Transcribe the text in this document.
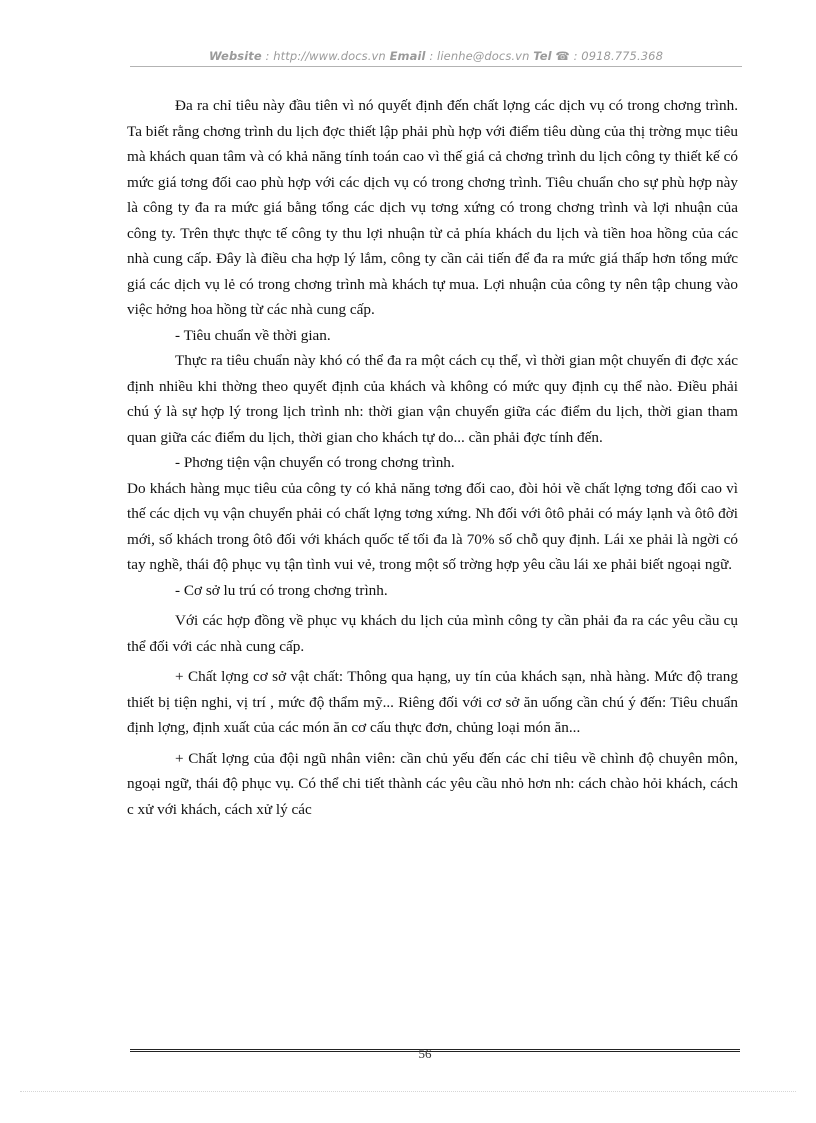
Website : http://www.docs.vn Email : lienhe@docs.vn Tel ☎ : 0918.775.368

Đa ra chỉ tiêu này đầu tiên vì nó quyết định đến chất lợng các dịch vụ có trong chơng trình. Ta biết rằng chơng trình du lịch đợc thiết lập phải phù hợp với điểm tiêu dùng của thị trờng mục tiêu mà khách quan tâm và có khả năng tính toán cao vì thế giá cả chơng trình du lịch công ty thiết kế có mức giá tơng đối cao phù hợp với các dịch vụ có trong chơng trình. Tiêu chuẩn cho sự phù hợp này là công ty đa ra mức giá bằng tổng các dịch vụ tơng xứng có trong chơng trình và lợi nhuận của công ty. Trên thực thực tế công ty thu lợi nhuận từ cả phía khách du lịch và tiền hoa hồng của các nhà cung cấp. Đây là điều cha hợp lý lắm, công ty cần cải tiến để đa ra mức giá thấp hơn tổng mức giá các dịch vụ lẻ có trong chơng trình mà khách tự mua. Lợi nhuận của công ty nên tập chung vào việc hởng hoa hồng từ các nhà cung cấp.

- Tiêu chuẩn về thời gian.

Thực ra tiêu chuẩn này khó có thể đa ra một cách cụ thể, vì thời gian một chuyến đi đợc xác định nhiều khi thờng theo quyết định của khách và không có mức quy định cụ thể nào. Điều phải chú ý là sự hợp lý trong lịch trình nh: thời gian vận chuyển giữa các điểm du lịch, thời gian tham quan giữa các điểm du lịch, thời gian cho khách tự do... cần phải đợc tính đến.

- Phơng tiện vận chuyển có trong chơng trình.

Do khách hàng mục tiêu của công ty có khả năng tơng đối cao, đòi hỏi về chất lợng tơng đối cao vì thế các dịch vụ vận chuyển phải có chất lợng tơng xứng. Nh đối với ôtô phải có máy lạnh và ôtô đời mới, số khách trong ôtô đối với khách quốc tế tối đa là 70% số chỗ quy định. Lái xe phải là ngời có tay nghề, thái độ phục vụ tận tình vui vẻ, trong một số trờng hợp yêu cầu lái xe phải biết ngoại ngữ.

- Cơ sở lu trú có trong chơng trình.

Với các hợp đồng về phục vụ khách du lịch của mình công ty cần phải đa ra các yêu cầu cụ thể đối với các nhà cung cấp.

+ Chất lợng cơ sở vật chất: Thông qua hạng, uy tín của khách sạn, nhà hàng. Mức độ trang thiết bị tiện nghi, vị trí , mức độ thẩm mỹ... Riêng đối với cơ sở ăn uống cần chú ý đến: Tiêu chuẩn định lợng, định xuất của các món ăn cơ cấu thực đơn, chủng loại món ăn...

+ Chất lợng của đội ngũ nhân viên: cần chủ yếu đến các chỉ tiêu về chình độ chuyên môn, ngoại ngữ, thái độ phục vụ. Có thể chi tiết thành các yêu cầu nhỏ hơn nh: cách chào hỏi khách, cách c xử với khách, cách xử lý các

56
